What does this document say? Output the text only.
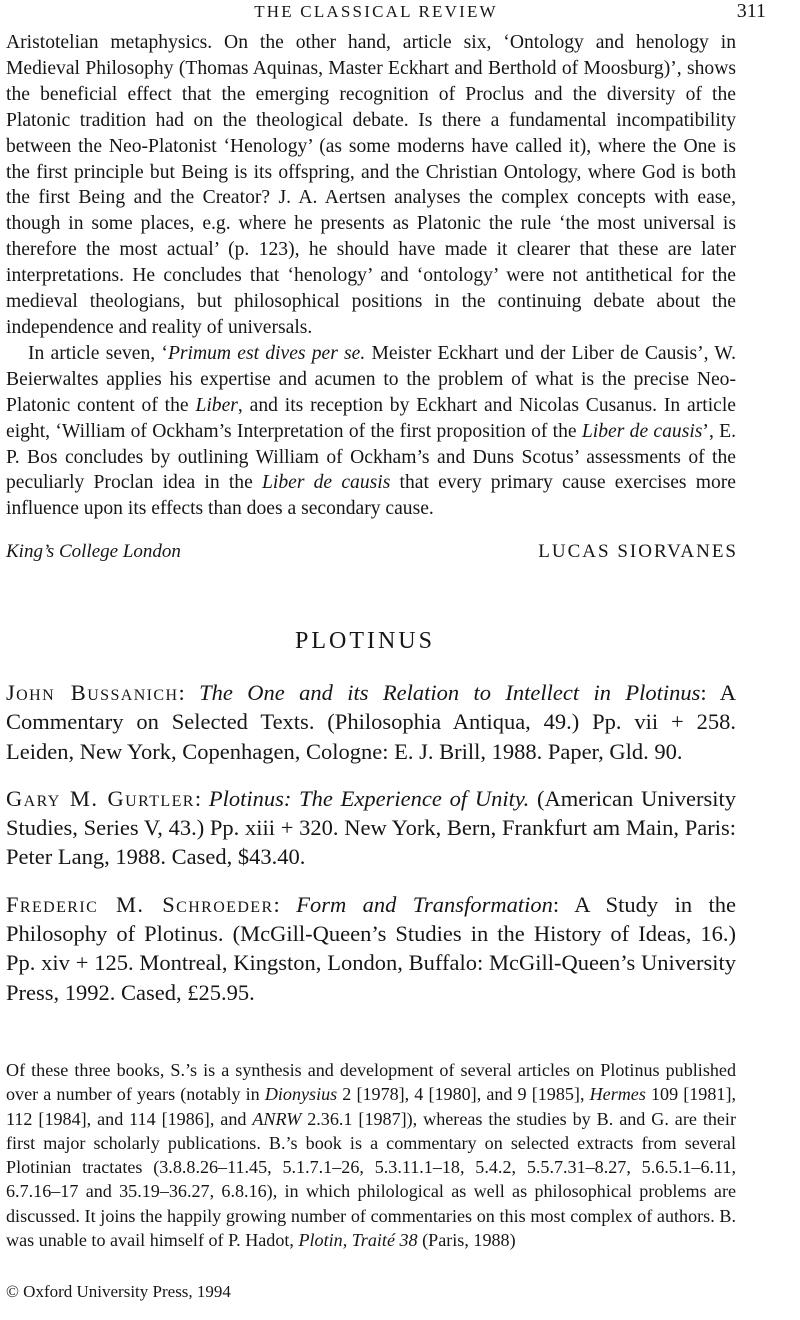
THE CLASSICAL REVIEW	311

Aristotelian metaphysics. On the other hand, article six, ‘Ontology and henology in Medieval Philosophy (Thomas Aquinas, Master Eckhart and Berthold of Moosburg)’, shows the beneficial effect that the emerging recognition of Proclus and the diversity of the Platonic tradition had on the theological debate. Is there a fundamental incompatibility between the Neo-Platonist ‘Henology’ (as some moderns have called it), where the One is the first principle but Being is its offspring, and the Christian Ontology, where God is both the first Being and the Creator? J. A. Aertsen analyses the complex concepts with ease, though in some places, e.g. where he presents as Platonic the rule ‘the most universal is therefore the most actual’ (p. 123), he should have made it clearer that these are later interpretations. He concludes that ‘henology’ and ‘ontology’ were not antithetical for the medieval theologians, but philosophical positions in the continuing debate about the independence and reality of universals.

In article seven, ‘Primum est dives per se. Meister Eckhart und der Liber de Causis’, W. Beierwaltes applies his expertise and acumen to the problem of what is the precise Neo-Platonic content of the Liber, and its reception by Eckhart and Nicolas Cusanus. In article eight, ‘William of Ockham’s Interpretation of the first proposition of the Liber de causis’, E. P. Bos concludes by outlining William of Ockham’s and Duns Scotus’ assessments of the peculiarly Proclan idea in the Liber de causis that every primary cause exercises more influence upon its effects than does a secondary cause.

King’s College London	LUCAS SIORVANES
PLOTINUS
John Bussanich: The One and its Relation to Intellect in Plotinus: A Commentary on Selected Texts. (Philosophia Antiqua, 49.) Pp. vii + 258. Leiden, New York, Copenhagen, Cologne: E. J. Brill, 1988. Paper, Gld. 90.
Gary M. Gurtler: Plotinus: The Experience of Unity. (American University Studies, Series V, 43.) Pp. xiii + 320. New York, Bern, Frankfurt am Main, Paris: Peter Lang, 1988. Cased, $43.40.
Frederic M. Schroeder: Form and Transformation: A Study in the Philosophy of Plotinus. (McGill-Queen’s Studies in the History of Ideas, 16.) Pp. xiv + 125. Montreal, Kingston, London, Buffalo: McGill-Queen’s University Press, 1992. Cased, £25.95.

Of these three books, S.’s is a synthesis and development of several articles on Plotinus published over a number of years (notably in Dionysius 2 [1978], 4 [1980], and 9 [1985], Hermes 109 [1981], 112 [1984], and 114 [1986], and ANRW 2.36.1 [1987]), whereas the studies by B. and G. are their first major scholarly publications. B.’s book is a commentary on selected extracts from several Plotinian tractates (3.8.8.26–11.45, 5.1.7.1–26, 5.3.11.1–18, 5.4.2, 5.5.7.31–8.27, 5.6.5.1–6.11, 6.7.16–17 and 35.19–36.27, 6.8.16), in which philological as well as philosophical problems are discussed. It joins the happily growing number of commentaries on this most complex of authors. B. was unable to avail himself of P. Hadot, Plotin, Traité 38 (Paris, 1988)

© Oxford University Press, 1994
